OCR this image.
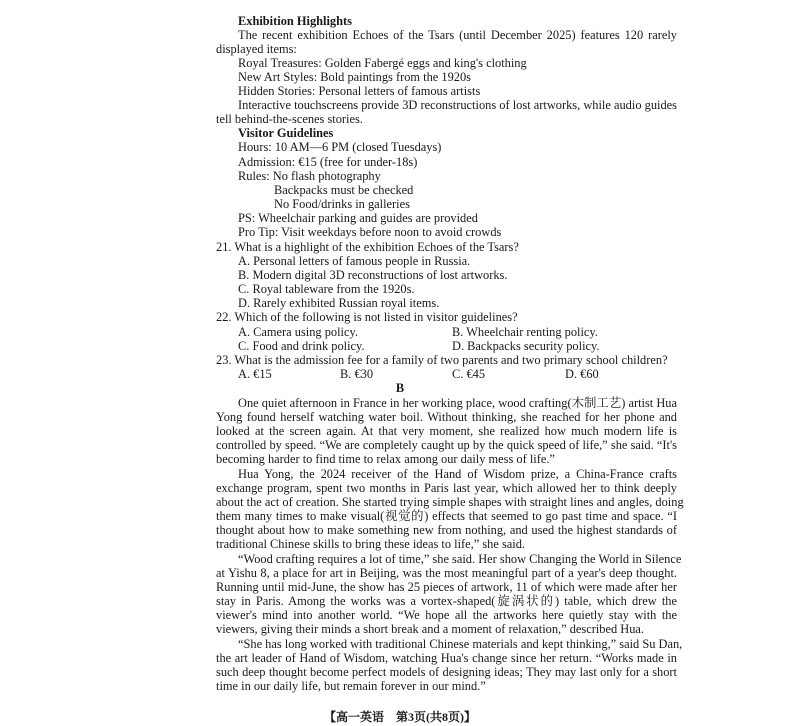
Exhibition Highlights
The recent exhibition Echoes of the Tsars (until December 2025) features 120 rarely
displayed items:
Royal Treasures: Golden Fabergé eggs and king's clothing
New Art Styles: Bold paintings from the 1920s
Hidden Stories: Personal letters of famous artists
Interactive touchscreens provide 3D reconstructions of lost artworks, while audio guides
tell behind-the-scenes stories.
Visitor Guidelines
Hours: 10 AM—6 PM (closed Tuesdays)
Admission: €15 (free for under-18s)
Rules: No flash photography
Backpacks must be checked
No Food/drinks in galleries
PS: Wheelchair parking and guides are provided
Pro Tip: Visit weekdays before noon to avoid crowds
21. What is a highlight of the exhibition Echoes of the Tsars?
A. Personal letters of famous people in Russia.
B. Modern digital 3D reconstructions of lost artworks.
C. Royal tableware from the 1920s.
D. Rarely exhibited Russian royal items.
22. Which of the following is not listed in visitor guidelines?
A. Camera using policy.	B. Wheelchair renting policy.
C. Food and drink policy.	D. Backpacks security policy.
23. What is the admission fee for a family of two parents and two primary school children?
A. €15	B. €30	C. €45	D. €60
B
One quiet afternoon in France in her working place, wood crafting(木制工艺) artist Hua
Yong found herself watching water boil. Without thinking, she reached for her phone and
looked at the screen again. At that very moment, she realized how much modern life is
controlled by speed. “We are completely caught up by the quick speed of life,” she said. “It's
becoming harder to find time to relax among our daily mess of life.”
Hua Yong, the 2024 receiver of the Hand of Wisdom prize, a China-France crafts
exchange program, spent two months in Paris last year, which allowed her to think deeply
about the act of creation. She started trying simple shapes with straight lines and angles, doing
them many times to make visual(视觉的) effects that seemed to go past time and space. “I
thought about how to make something new from nothing, and used the highest standards of
traditional Chinese skills to bring these ideas to life,” she said.
“Wood crafting requires a lot of time,” she said. Her show Changing the World in Silence
at Yishu 8, a place for art in Beijing, was the most meaningful part of a year's deep thought.
Running until mid-June, the show has 25 pieces of artwork, 11 of which were made after her
stay in Paris. Among the works was a vortex-shaped(旋涡状的) table, which drew the
viewer's mind into another world. “We hope all the artworks here quietly stay with the
viewers, giving their minds a short break and a moment of relaxation,” described Hua.
“She has long worked with traditional Chinese materials and kept thinking,” said Su Dan,
the art leader of Hand of Wisdom, watching Hua's change since her return. “Works made in
such deep thought become perfect models of designing ideas; They may last only for a short
time in our daily life, but remain forever in our mind.”
【高一英语　第3页(共8页)】
